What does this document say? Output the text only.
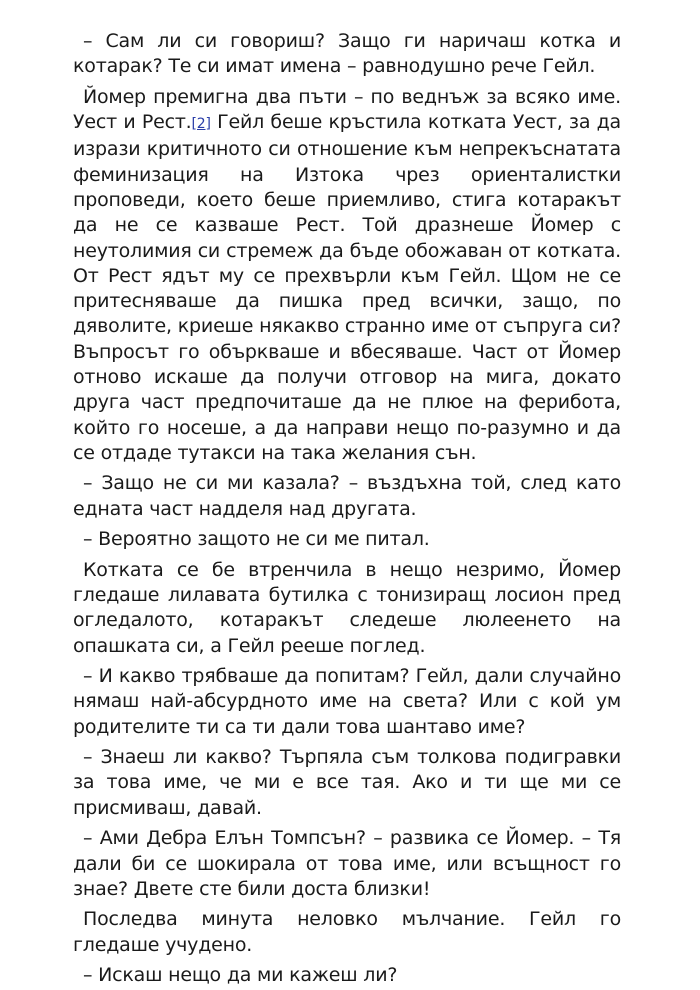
– Сам ли си говориш? Защо ги наричаш котка и котарак? Те си имат имена – равнодушно рече Гейл.

Йомер премигна два пъти – по веднъж за всяко име. Уест и Рест.[2] Гейл беше кръстила котката Уест, за да изрази критичното си отношение към непрекъснатата феминизация на Изтока чрез ориенталистки проповеди, което беше приемливо, стига котаракът да не се казваше Рест. Той дразнеше Йомер с неутолимия си стремеж да бъде обожаван от котката. От Рест ядът му се прехвърли към Гейл. Щом не се притесняваше да пишка пред всички, защо, по дяволите, криеше някакво странно име от съпруга си? Въпросът го объркваше и вбесяваше. Част от Йомер отново искаше да получи отговор на мига, докато друга част предпочиташе да не плюе на ферибота, който го носеше, а да направи нещо по-разумно и да се отдаде тутакси на така желания сън.

– Защо не си ми казала? – въздъхна той, след като едната част надделя над другата.

– Вероятно защото не си ме питал.

Котката се бе втренчила в нещо незримо, Йомер гледаше лилавата бутилка с тонизиращ лосион пред огледалото, котаракът следеше люлеенето на опашката си, а Гейл рееше поглед.

– И какво трябваше да попитам? Гейл, дали случайно нямаш най-абсурдното име на света? Или с кой ум родителите ти са ти дали това шантаво име?

– Знаеш ли какво? Търпяла съм толкова подигравки за това име, че ми е все тая. Ако и ти ще ми се присмиваш, давай.

– Ами Дебра Елън Томпсън? – развика се Йомер. – Тя дали би се шокирала от това име, или всъщност го знае? Двете сте били доста близки!

Последва минута неловко мълчание. Гейл го гледаше учудено.

– Искаш нещо да ми кажеш ли?
